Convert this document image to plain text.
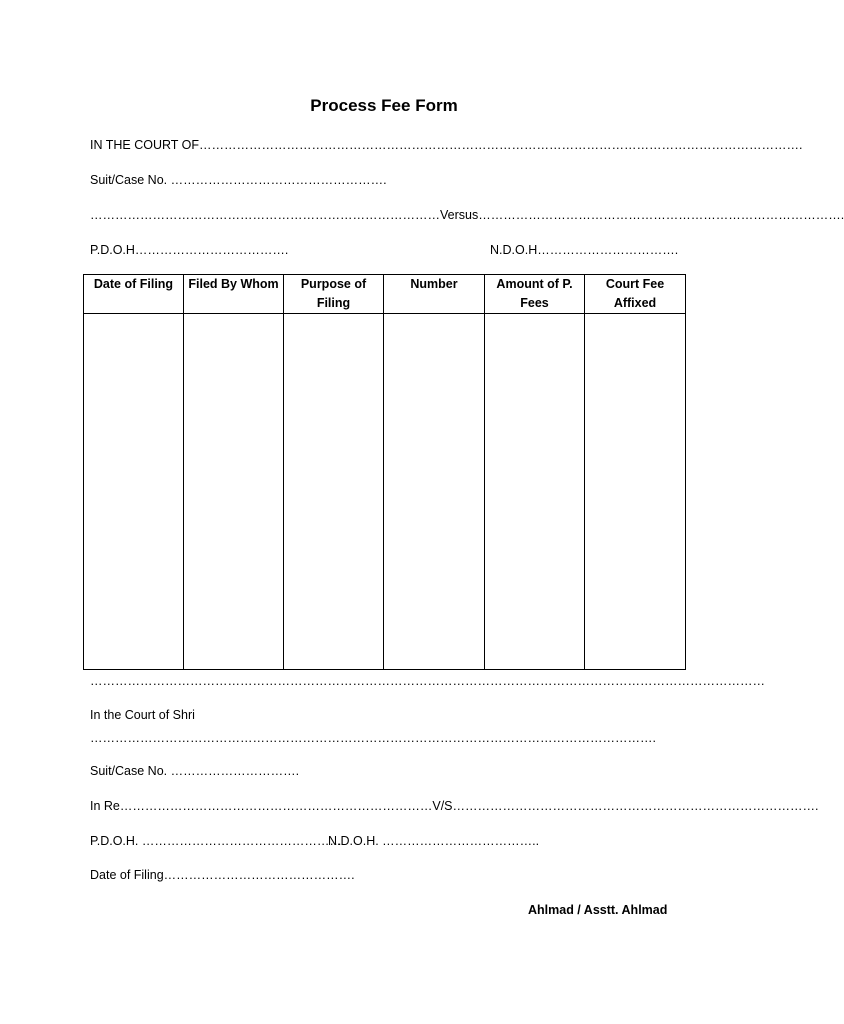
Process Fee Form
IN THE COURT OF……………………………………………………………………………………………………………………………….
Suit/Case No. …………………………………………….
…………………………………………………………………………Versus…………………………………………………………………………….
P.D.O.H……………………………….	N.D.O.H…………………………….
Date of Filing	Filed By Whom	Purpose of Filing	Number	Amount of P. Fees	Court Fee Affixed

………………………………………………………………………………………………………………………………………………
In the Court of Shri
……………………………………………………………………………………………………………………….
Suit/Case No. ………………………….
In Re…………………………………………………………………V/S…………………………………………………………………………….
P.D.O.H. …………………………………………
N.D.O.H. ………………………………..
Date of Filing……………………………………….
Ahlmad / Asstt. Ahlmad
